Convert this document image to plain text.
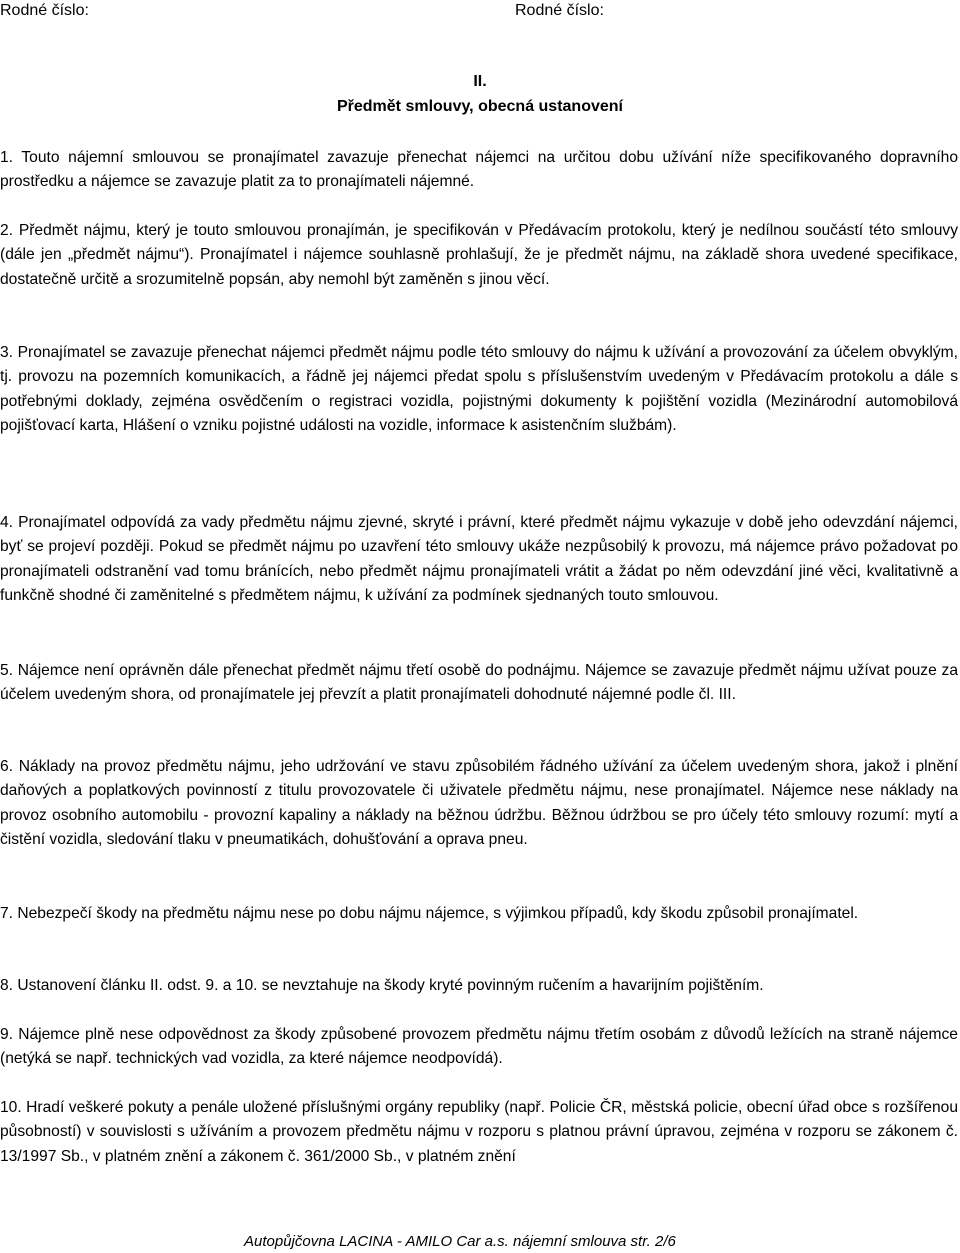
Rodné číslo:	Rodné číslo:
II.
Předmět smlouvy, obecná ustanovení
1. Touto nájemní smlouvou se pronajímatel zavazuje přenechat nájemci na určitou dobu užívání níže specifikovaného dopravního prostředku a nájemce se zavazuje platit za to pronajímateli nájemné.
2. Předmět nájmu, který je touto smlouvou pronajímán, je specifikován v Předávacím protokolu, který je nedílnou součástí této smlouvy (dále jen „předmět nájmu“). Pronajímatel i nájemce souhlasně prohlašují, že je předmět nájmu, na základě shora uvedené specifikace, dostatečně určitě a srozumitelně popsán, aby nemohl být zaměněn s jinou věcí.
3. Pronajímatel se zavazuje přenechat nájemci předmět nájmu podle této smlouvy do nájmu k užívání a provozování za účelem obvyklým, tj. provozu na pozemních komunikacích, a řádně jej nájemci předat spolu s příslušenstvím uvedeným v Předávacím protokolu a dále s potřebnými doklady, zejména osvědčením o registraci vozidla, pojistnými dokumenty k pojištění vozidla (Mezinárodní automobilová pojišťovací karta, Hlášení o vzniku pojistné události na vozidle, informace k asistenčním službám).
4. Pronajímatel odpovídá za vady předmětu nájmu zjevné, skryté i právní, které předmět nájmu vykazuje v době jeho odevzdání nájemci, byť se projeví později. Pokud se předmět nájmu po uzavření této smlouvy ukáže nezpůsobilý k provozu, má nájemce právo požadovat po pronajímateli odstranění vad tomu bránících, nebo předmět nájmu pronajímateli vrátit a žádat po něm odevzdání jiné věci, kvalitativně a funkčně shodné či zaměnitelné s předmětem nájmu, k užívání za podmínek sjednaných touto smlouvou.
5. Nájemce není oprávněn dále přenechat předmět nájmu třetí osobě do podnájmu. Nájemce se zavazuje předmět nájmu užívat pouze za účelem uvedeným shora, od pronajímatele jej převzít a platit pronajímateli dohodnuté nájemné podle čl. III.
6. Náklady na provoz předmětu nájmu, jeho udržování ve stavu způsobilém řádného užívání za účelem uvedeným shora, jakož i plnění daňových a poplatkových povinností z titulu provozovatele či uživatele předmětu nájmu, nese pronajímatel. Nájemce nese náklady na provoz osobního automobilu - provozní kapaliny a náklady na běžnou údržbu. Běžnou údržbou se pro účely této smlouvy rozumí: mytí a čistění vozidla, sledování tlaku v pneumatikách, dohušťování a oprava pneu.
7. Nebezpečí škody na předmětu nájmu nese po dobu nájmu nájemce, s výjimkou případů, kdy škodu způsobil pronajímatel.
8. Ustanovení článku II. odst. 9. a 10. se nevztahuje na škody kryté povinným ručením a havarijním pojištěním.
9. Nájemce plně nese odpovědnost za škody způsobené provozem předmětu nájmu třetím osobám z důvodů ležících na straně nájemce (netýká se např. technických vad vozidla, za které nájemce neodpovídá).
10. Hradí veškeré pokuty a penále uložené příslušnými orgány republiky (např. Policie ČR, městská policie, obecní úřad obce s rozšířenou působností) v souvislosti s užíváním a provozem předmětu nájmu v rozporu s platnou právní úpravou, zejména v rozporu se zákonem č. 13/1997 Sb., v platném znění a zákonem č. 361/2000 Sb., v platném znění
Autopůjčovna LACINA - AMILO Car a.s. nájemní smlouva str. 2/6
